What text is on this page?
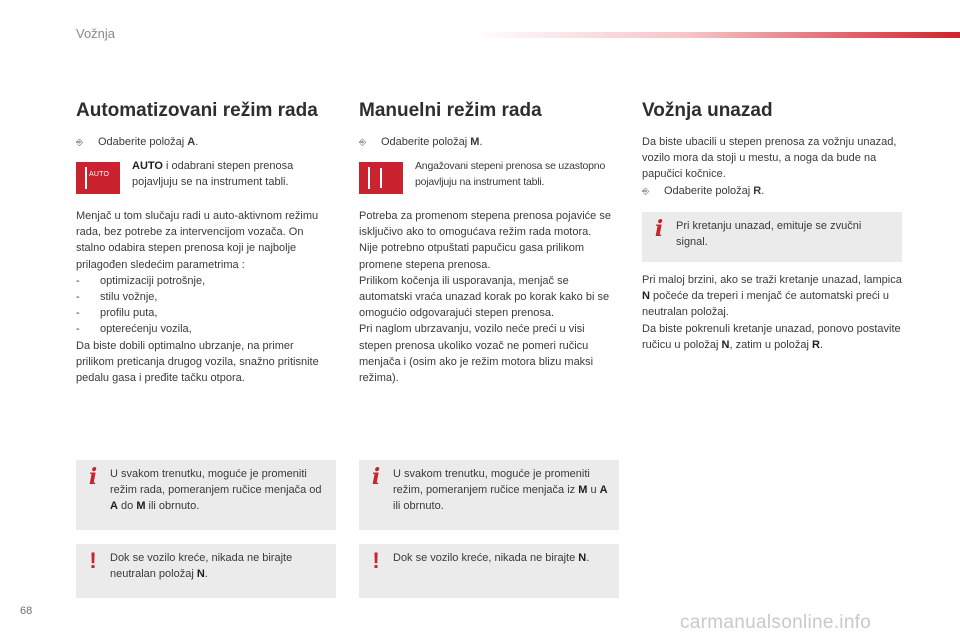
Vožnja
Automatizovani režim rada
⎆	Odaberite položaj A.
AUTO
AUTO i odabrani stepen prenosa pojavljuju se na instrument tabli.
Menjač u tom slučaju radi u auto-aktivnom režimu rada, bez potrebe za intervencijom vozača. On stalno odabira stepen prenosa koji je najbolje prilagođen sledećim parametrima :
-	optimizaciji potrošnje,
-	stilu vožnje,
-	profilu puta,
-	opterećenju vozila,
Da biste dobili optimalno ubrzanje, na primer prilikom preticanja drugog vozila, snažno pritisnite pedalu gasa i pređite tačku otpora.
i	U svakom trenutku, moguće je promeniti režim rada, pomeranjem ručice menjača od A do M ili obrnuto.
!	Dok se vozilo kreće, nikada ne birajte neutralan položaj N.
Manuelni režim rada
⎆	Odaberite položaj M.
Angažovani stepeni prenosa se uzastopno pojavljuju na instrument tabli.
Potreba za promenom stepena prenosa pojaviće se isključivo ako to omogućava režim rada motora.
Nije potrebno otpuštati papučicu gasa prilikom promene stepena prenosa.
Prilikom kočenja ili usporavanja, menjač se automatski vraća unazad korak po korak kako bi se omogućio odgovarajući stepen prenosa.
Pri naglom ubrzavanju, vozilo neće preći u visi stepen prenosa ukoliko vozač ne pomeri ručicu menjača i (osim ako je režim motora blizu maksi režima).
i	U svakom trenutku, moguće je promeniti režim, pomeranjem ručice menjača iz M u A ili obrnuto.
!	Dok se vozilo kreće, nikada ne birajte N.
Vožnja unazad
Da biste ubacili u stepen prenosa za vožnju unazad, vozilo mora da stoji u mestu, a noga da bude na papučici kočnice.
⎆	Odaberite položaj R.
i	Pri kretanju unazad, emituje se zvučni signal.
Pri maloj brzini, ako se traži kretanje unazad, lampica N počeće da treperi i menjač će automatski preći u neutralan položaj.
Da biste pokrenuli kretanje unazad, ponovo postavite ručicu u položaj N, zatim u položaj R.
68
carmanualsonline.info
